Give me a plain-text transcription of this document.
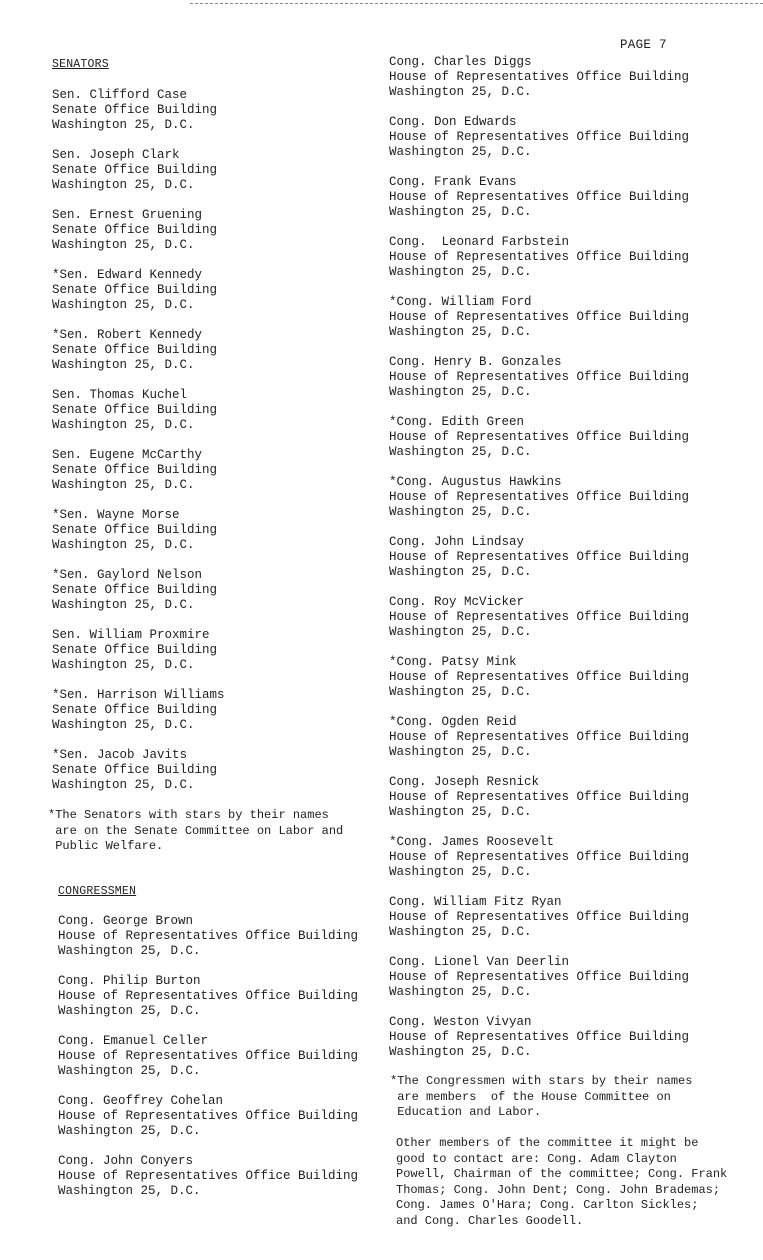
PAGE 7
SENATORS
Sen. Clifford Case
Senate Office Building
Washington 25, D.C.
Sen. Joseph Clark
Senate Office Building
Washington 25, D.C.
Sen. Ernest Gruening
Senate Office Building
Washington 25, D.C.
*Sen. Edward Kennedy
Senate Office Building
Washington 25, D.C.
*Sen. Robert Kennedy
Senate Office Building
Washington 25, D.C.
Sen. Thomas Kuchel
Senate Office Building
Washington 25, D.C.
Sen. Eugene McCarthy
Senate Office Building
Washington 25, D.C.
*Sen. Wayne Morse
Senate Office Building
Washington 25, D.C.
*Sen. Gaylord Nelson
Senate Office Building
Washington 25, D.C.
Sen. William Proxmire
Senate Office Building
Washington 25, D.C.
*Sen. Harrison Williams
Senate Office Building
Washington 25, D.C.
*Sen. Jacob Javits
Senate Office Building
Washington 25, D.C.
*The Senators with stars by their names
are on the Senate Committee on Labor and
Public Welfare.
CONGRESSMEN
Cong. George Brown
House of Representatives Office Building
Washington 25, D.C.
Cong. Philip Burton
House of Representatives Office Building
Washington 25, D.C.
Cong. Emanuel Celler
House of Representatives Office Building
Washington 25, D.C.
Cong. Geoffrey Cohelan
House of Representatives Office Building
Washington 25, D.C.
Cong. John Conyers
House of Representatives Office Building
Washington 25, D.C.
Cong. Charles Diggs
House of Representatives Office Building
Washington 25, D.C.
Cong. Don Edwards
House of Representatives Office Building
Washington 25, D.C.
Cong. Frank Evans
House of Representatives Office Building
Washington 25, D.C.
Cong.  Leonard Farbstein
House of Representatives Office Building
Washington 25, D.C.
*Cong. William Ford
House of Representatives Office Building
Washington 25, D.C.
Cong. Henry B. Gonzales
House of Representatives Office Building
Washington 25, D.C.
*Cong. Edith Green
House of Representatives Office Building
Washington 25, D.C.
*Cong. Augustus Hawkins
House of Representatives Office Building
Washington 25, D.C.
Cong. John Lindsay
House of Representatives Office Building
Washington 25, D.C.
Cong. Roy McVicker
House of Representatives Office Building
Washington 25, D.C.
*Cong. Patsy Mink
House of Representatives Office Building
Washington 25, D.C.
*Cong. Ogden Reid
House of Representatives Office Building
Washington 25, D.C.
Cong. Joseph Resnick
House of Representatives Office Building
Washington 25, D.C.
*Cong. James Roosevelt
House of Representatives Office Building
Washington 25, D.C.
Cong. William Fitz Ryan
House of Representatives Office Building
Washington 25, D.C.
Cong. Lionel Van Deerlin
House of Representatives Office Building
Washington 25, D.C.
Cong. Weston Vivyan
House of Representatives Office Building
Washington 25, D.C.
*The Congressmen with stars by their names
are members  of the House Committee on
Education and Labor.
Other members of the committee it might be
good to contact are: Cong. Adam Clayton
Powell, Chairman of the committee; Cong. Frank
Thomas; Cong. John Dent; Cong. John Brademas;
Cong. James O'Hara; Cong. Carlton Sickles;
and Cong. Charles Goodell.
